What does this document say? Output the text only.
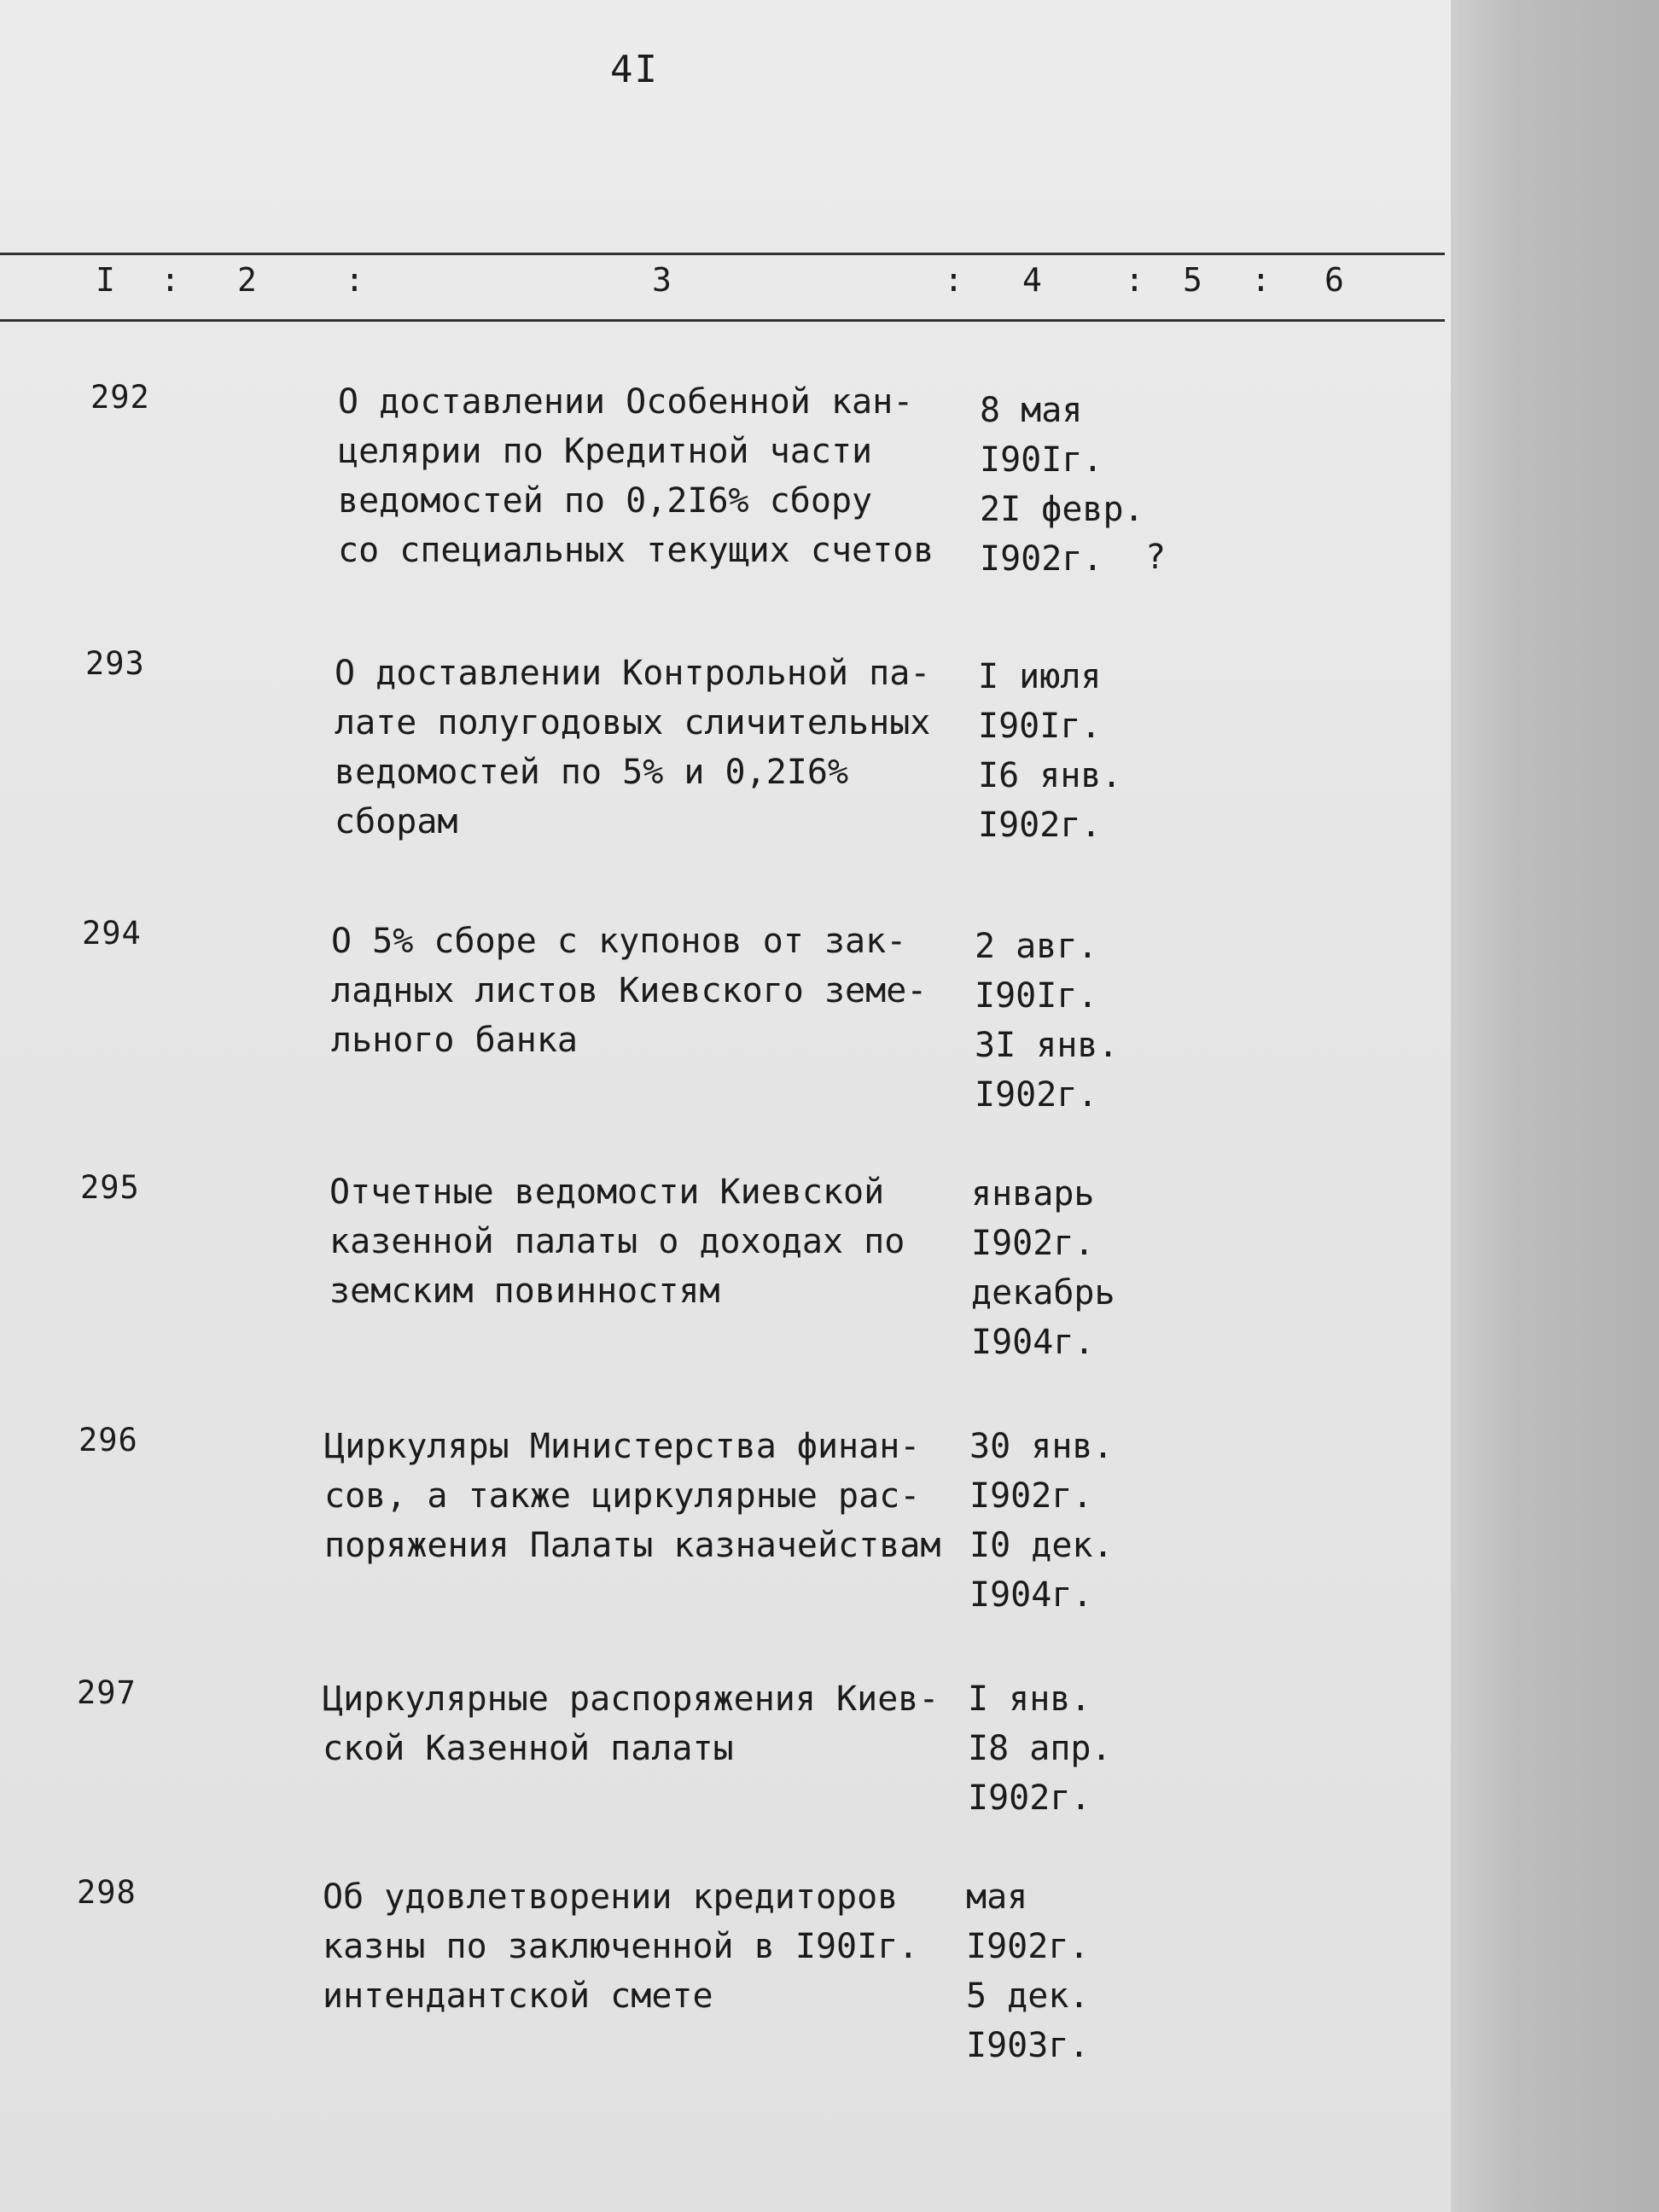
4I
I : 2	:	3	: 4	: 5 : 6
292	О доставлении Особенной кан-
целярии по Кредитной части
ведомостей по 0,2I6% сбору
со специальных текущих счетов
8 мая
I90Iг.
2I февр.
I902г.	?
293	О доставлении Контрольной па-
лате полугодовых сличительных
ведомостей по 5% и 0,2I6%
сборам
I июля
I90Iг.
I6 янв.
I902г.
294	О 5% сборе с купонов от зак-
ладных листов Киевского земе-
льного банка
2 авг.
I90Iг.
3I янв.
I902г.
295	Отчетные ведомости Киевской
казенной палаты о доходах по
земским повинностям
январь
I902г.
декабрь
I904г.
296	Циркуляры Министерства финан-
сов, а также циркулярные рас-
поряжения Палаты казначействам
30 янв.
I902г.
I0 дек.
I904г.
297	Циркулярные распоряжения Киев-
ской Казенной палаты
I янв.
I8 апр.
I902г.
298	Об удовлетворении кредиторов
казны по заключенной в I90Iг.
интендантской смете
мая
I902г.
5 дек.
I903г.
